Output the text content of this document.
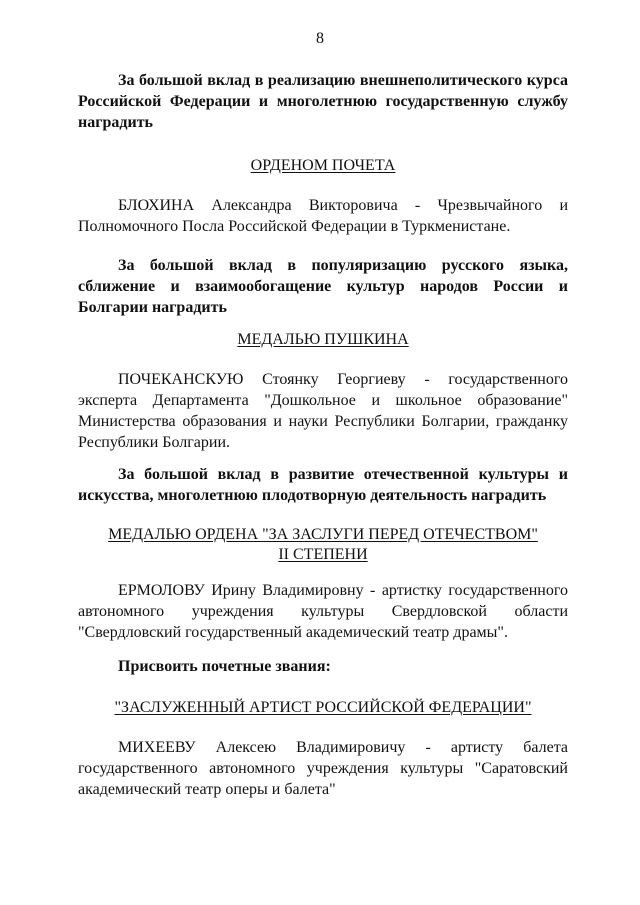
8
За большой вклад в реализацию внешнеполитического курса Российской Федерации и многолетнюю государственную службу наградить
ОРДЕНОМ ПОЧЕТА
БЛОХИНА Александра Викторовича - Чрезвычайного и Полномочного Посла Российской Федерации в Туркменистане.
За большой вклад в популяризацию русского языка, сближение и взаимообогащение культур народов России и Болгарии наградить
МЕДАЛЬЮ ПУШКИНА
ПОЧЕКАНСКУЮ Стоянку Георгиеву - государственного эксперта Департамента "Дошкольное и школьное образование" Министерства образования и науки Республики Болгарии, гражданку Республики Болгарии.
За большой вклад в развитие отечественной культуры и искусства, многолетнюю плодотворную деятельность наградить
МЕДАЛЬЮ ОРДЕНА "ЗА ЗАСЛУГИ ПЕРЕД ОТЕЧЕСТВОМ"
II СТЕПЕНИ
ЕРМОЛОВУ Ирину Владимировну - артистку государственного автономного учреждения культуры Свердловской области "Свердловский государственный академический театр драмы".
Присвоить почетные звания:
"ЗАСЛУЖЕННЫЙ АРТИСТ РОССИЙСКОЙ ФЕДЕРАЦИИ"
МИХЕЕВУ Алексею Владимировичу - артисту балета государственного автономного учреждения культуры "Саратовский академический театр оперы и балета"
